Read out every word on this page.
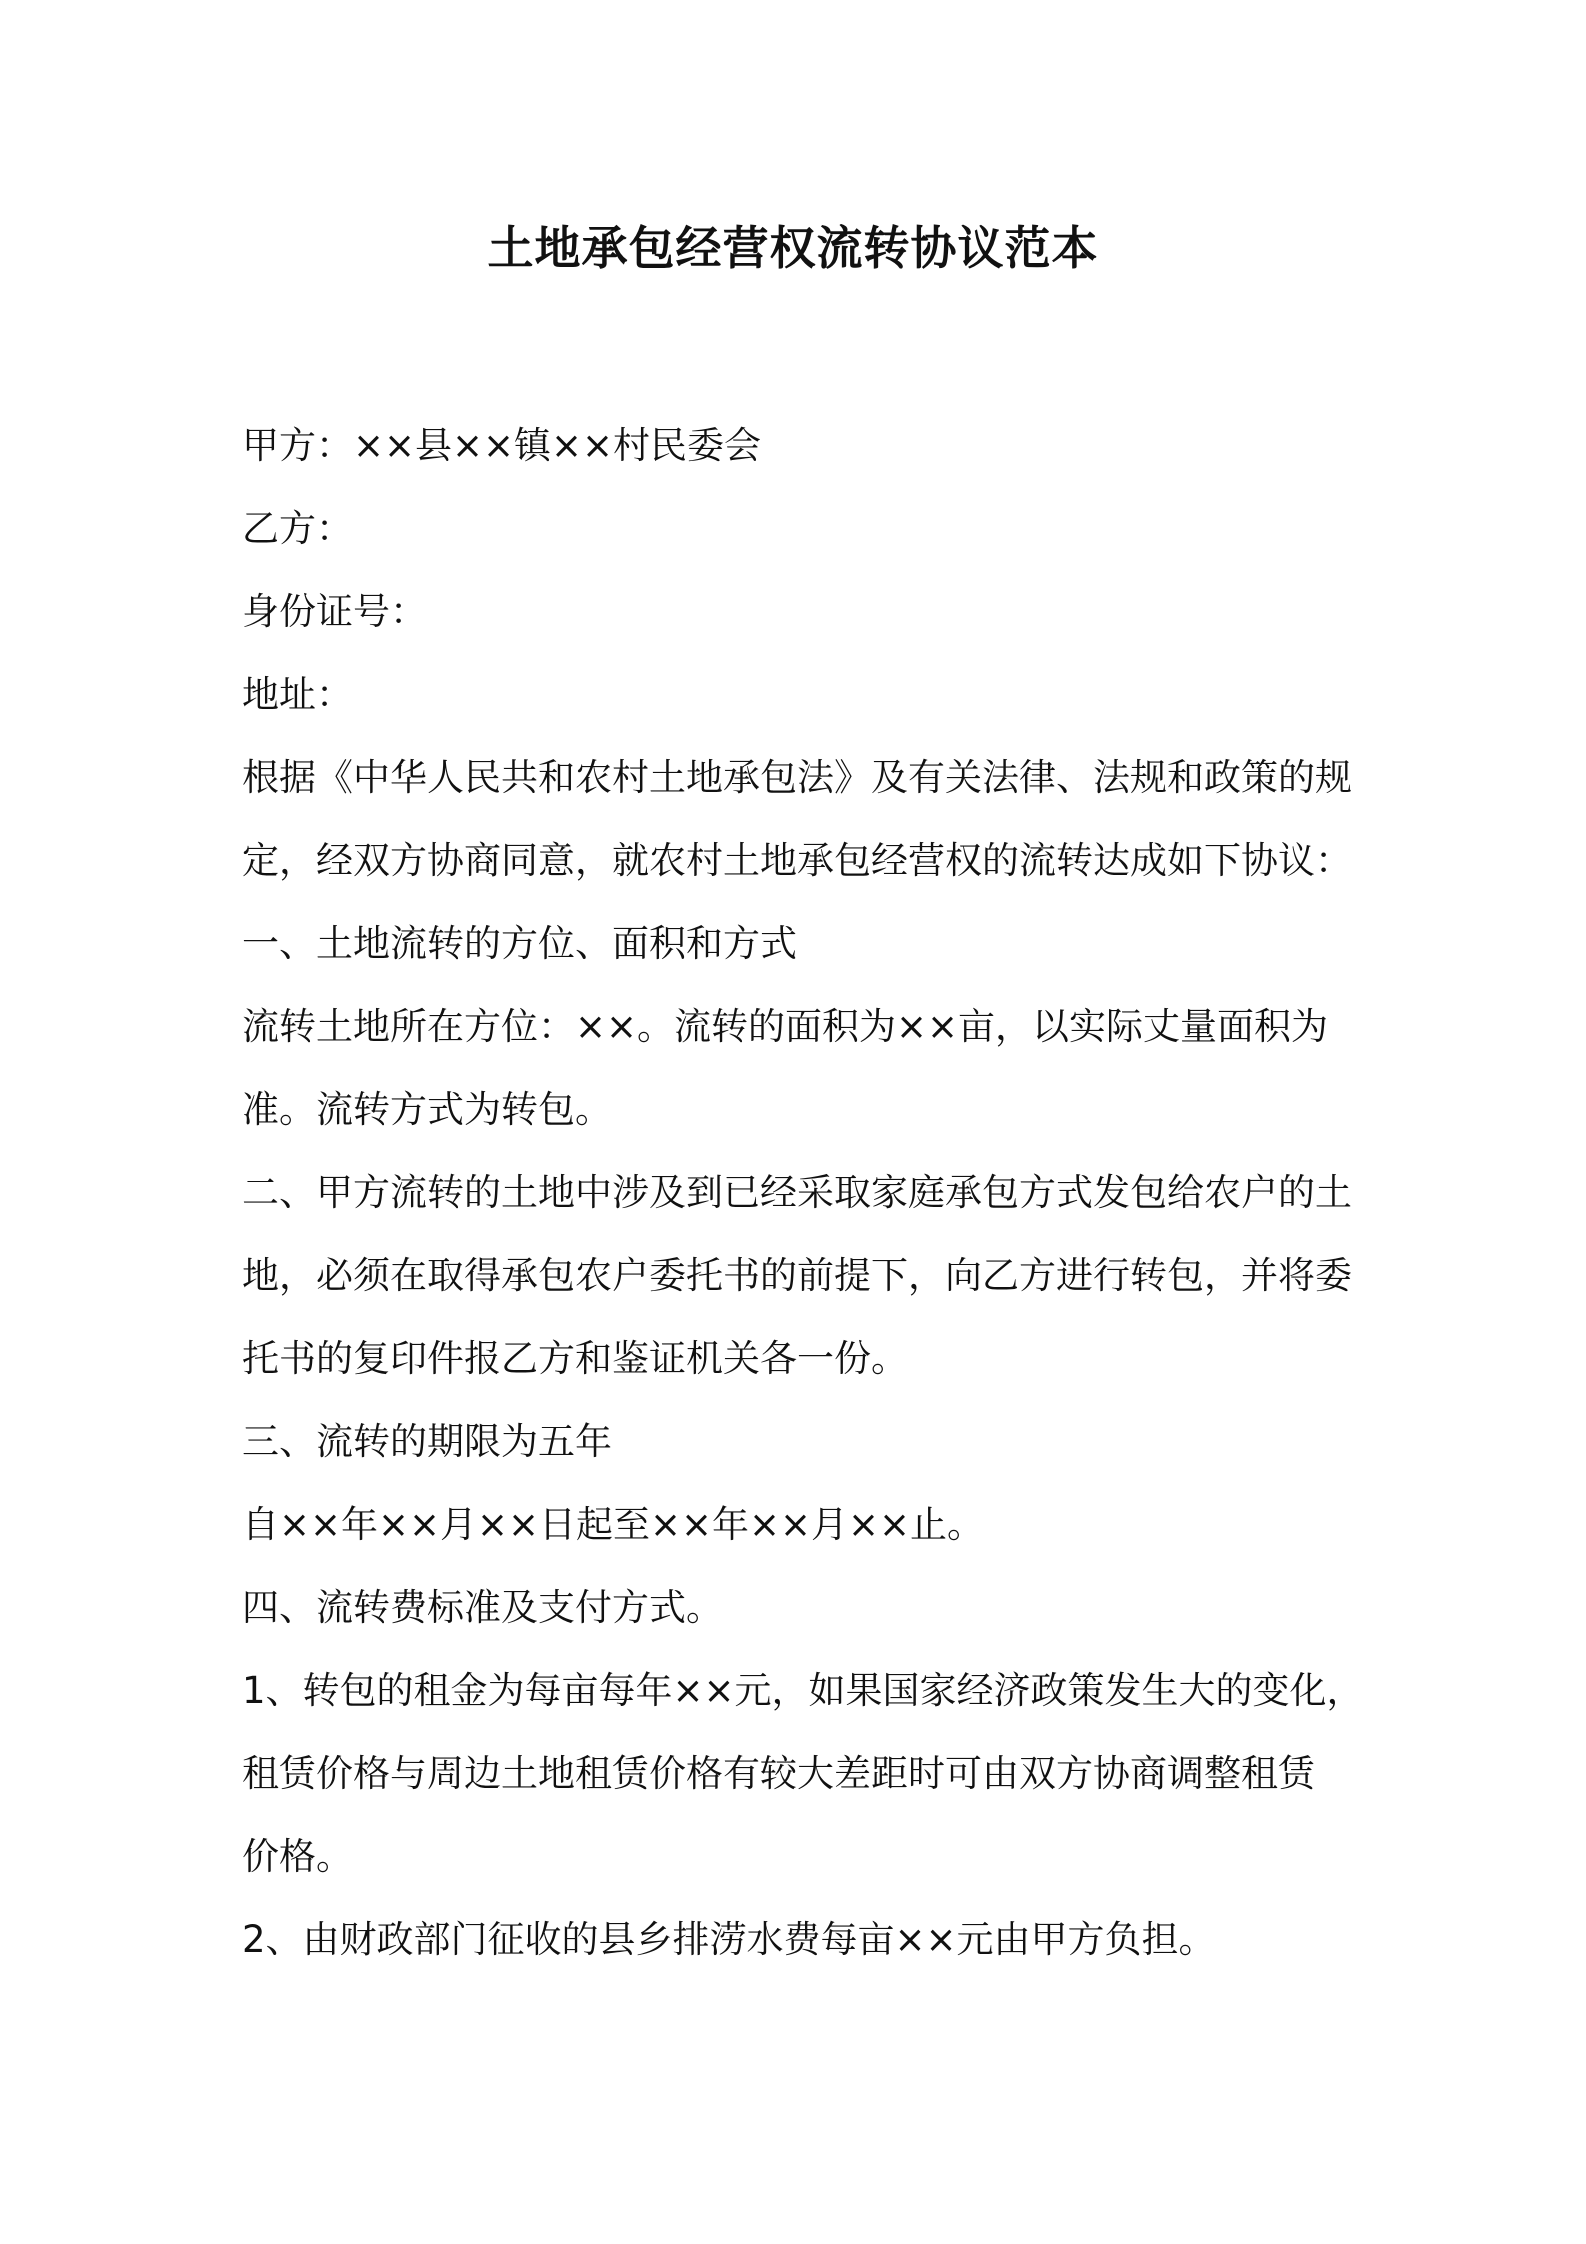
土地承包经营权流转协议范本
甲方：××县××镇××村民委会
乙方：
身份证号：
地址：
根据《中华人民共和农村土地承包法》及有关法律、法规和政策的规
定，经双方协商同意，就农村土地承包经营权的流转达成如下协议：
一、土地流转的方位、面积和方式
流转土地所在方位：××。流转的面积为××亩，以实际丈量面积为
准。流转方式为转包。
二、甲方流转的土地中涉及到已经采取家庭承包方式发包给农户的土
地，必须在取得承包农户委托书的前提下，向乙方进行转包，并将委
托书的复印件报乙方和鉴证机关各一份。
三、流转的期限为五年
自××年××月××日起至××年××月××止。
四、流转费标准及支付方式。
1、转包的租金为每亩每年××元，如果国家经济政策发生大的变化，
租赁价格与周边土地租赁价格有较大差距时可由双方协商调整租赁
价格。
2、由财政部门征收的县乡排涝水费每亩××元由甲方负担。
